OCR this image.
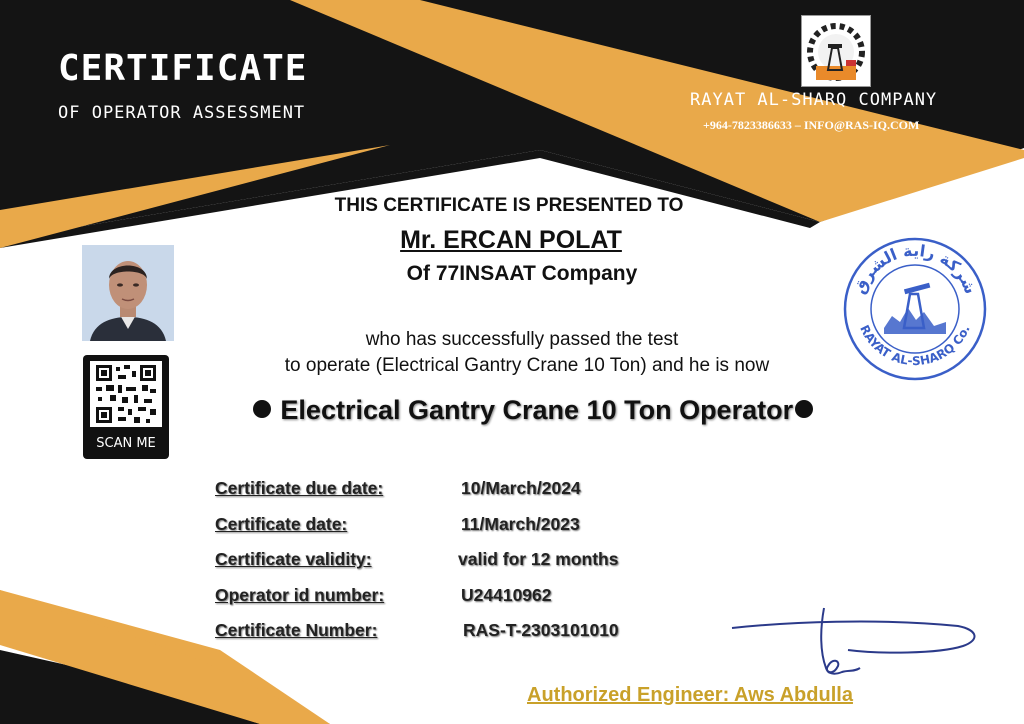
CERTIFICATE
OF OPERATOR ASSESSMENT
RAYAT AL-SHARQ COMPANY
+964-7823386633 – INFO@RAS-IQ.COM
THIS CERTIFICATE IS PRESENTED TO
Mr. ERCAN POLAT
Of 77INSAAT Company
SCAN ME
who has successfully passed the test
to operate (Electrical Gantry Crane 10 Ton) and he is now
Electrical Gantry Crane 10 Ton Operator
شركة راية الشرق
RAYAT AL-SHARQ Co.
Certificate due date:	10/March/2024
Certificate date:	11/March/2023
Certificate validity:	valid for 12 months
Operator id number:	U24410962
Certificate Number:	RAS-T-2303101010
Authorized Engineer: Aws Abdulla
